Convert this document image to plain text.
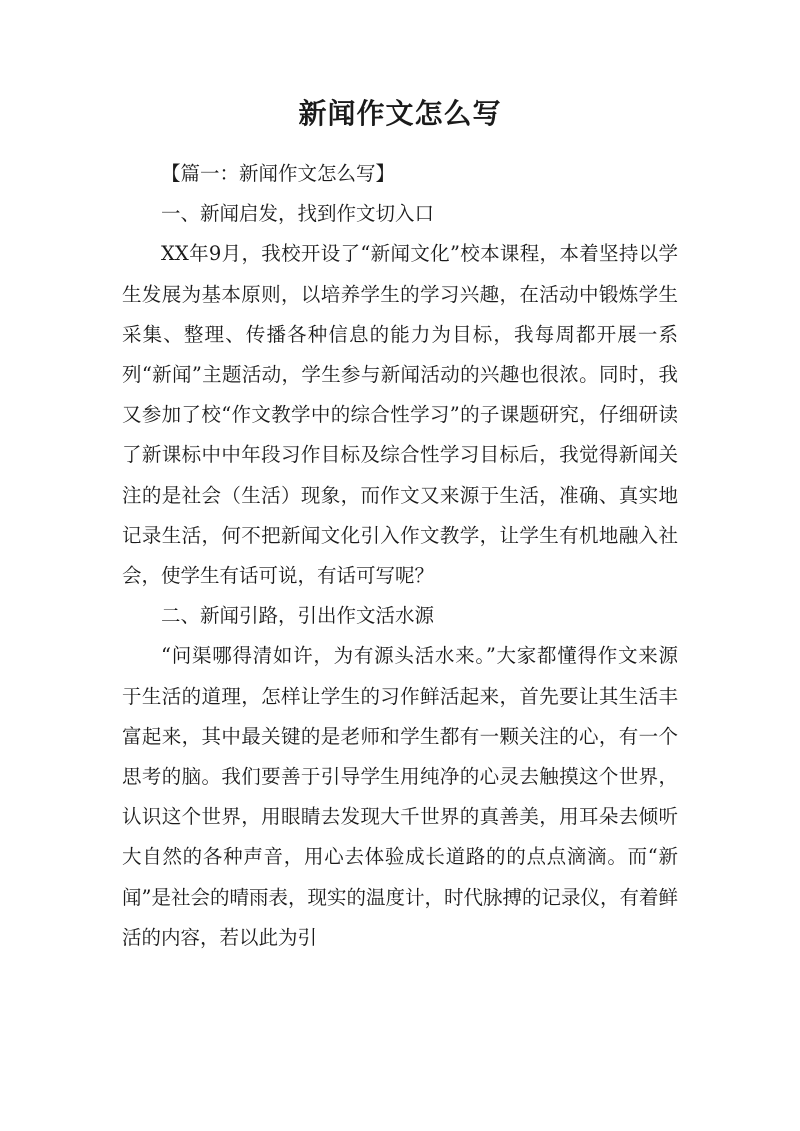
新闻作文怎么写

【篇一：新闻作文怎么写】

一、新闻启发，找到作文切入口

XX年9月，我校开设了“新闻文化”校本课程，本着坚持以学生发展为基本原则，以培养学生的学习兴趣，在活动中锻炼学生采集、整理、传播各种信息的能力为目标，我每周都开展一系列“新闻”主题活动，学生参与新闻活动的兴趣也很浓。同时，我又参加了校“作文教学中的综合性学习”的子课题研究，仔细研读了新课标中中年段习作目标及综合性学习目标后，我觉得新闻关注的是社会（生活）现象，而作文又来源于生活，准确、真实地记录生活，何不把新闻文化引入作文教学，让学生有机地融入社会，使学生有话可说，有话可写呢？

二、新闻引路，引出作文活水源

“问渠哪得清如许，为有源头活水来。”大家都懂得作文来源于生活的道理，怎样让学生的习作鲜活起来，首先要让其生活丰富起来，其中最关键的是老师和学生都有一颗关注的心，有一个思考的脑。我们要善于引导学生用纯净的心灵去触摸这个世界，认识这个世界，用眼睛去发现大千世界的真善美，用耳朵去倾听大自然的各种声音，用心去体验成长道路的的点点滴滴。而“新闻”是社会的晴雨表，现实的温度计，时代脉搏的记录仪，有着鲜活的内容，若以此为引
